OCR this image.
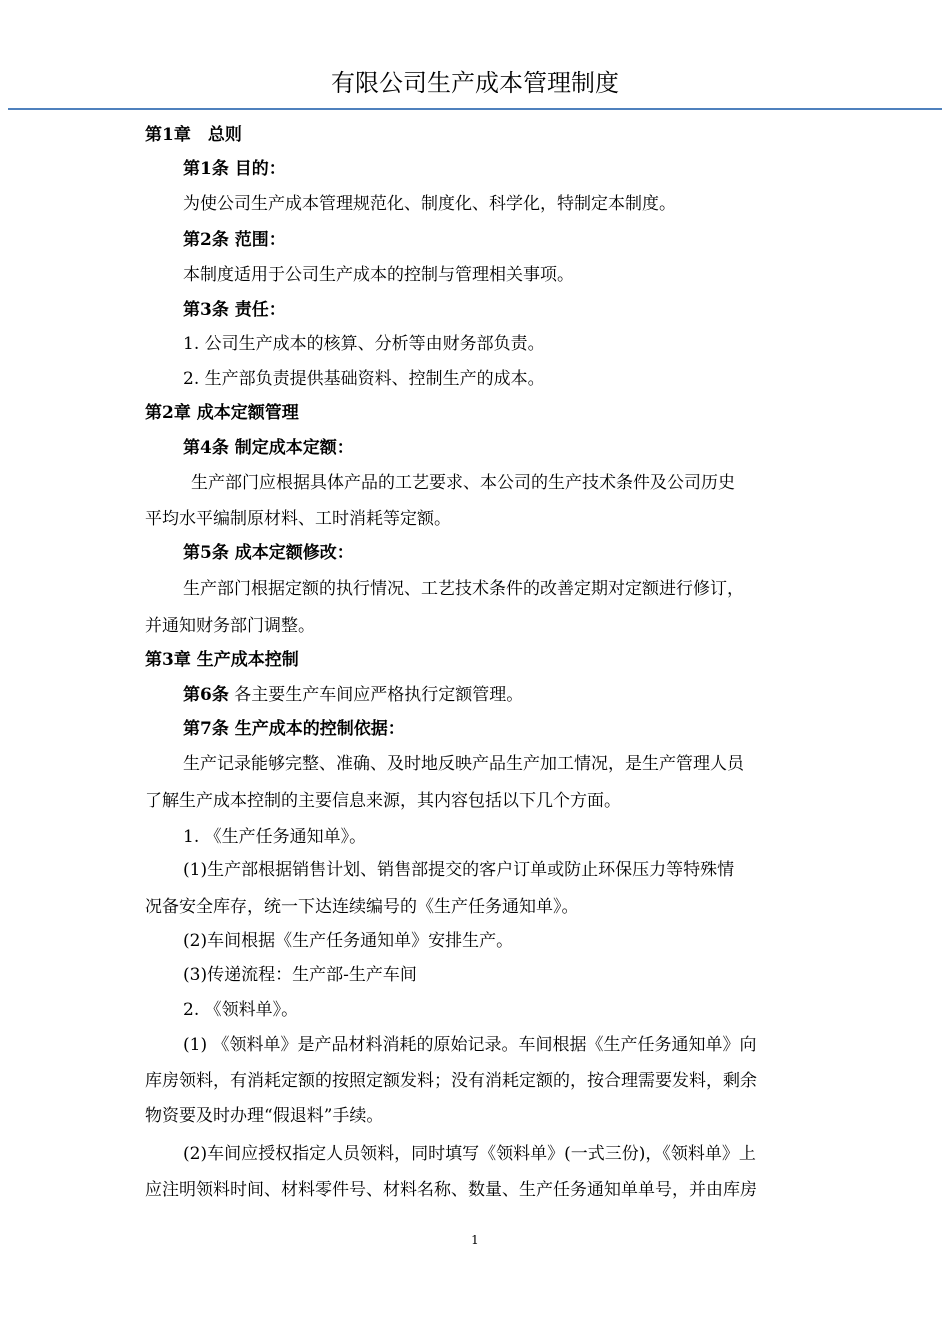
有限公司生产成本管理制度
第1章　总则
第1条 目的：
为使公司生产成本管理规范化、制度化、科学化，特制定本制度。
第2条 范围：
本制度适用于公司生产成本的控制与管理相关事项。
第3条 责任：
1. 公司生产成本的核算、分析等由财务部负责。
2. 生产部负责提供基础资料、控制生产的成本。
第2章 成本定额管理
第4条 制定成本定额：
生产部门应根据具体产品的工艺要求、本公司的生产技术条件及公司历史
平均水平编制原材料、工时消耗等定额。
第5条 成本定额修改：
生产部门根据定额的执行情况、工艺技术条件的改善定期对定额进行修订，
并通知财务部门调整。
第3章 生产成本控制
第6条 各主要生产车间应严格执行定额管理。
第7条 生产成本的控制依据：
生产记录能够完整、准确、及时地反映产品生产加工情况，是生产管理人员
了解生产成本控制的主要信息来源，其内容包括以下几个方面。
1. 《生产任务通知单》。
(1)生产部根据销售计划、销售部提交的客户订单或防止环保压力等特殊情
况备安全库存，统一下达连续编号的《生产任务通知单》。
(2)车间根据《生产任务通知单》安排生产。
(3)传递流程：生产部-生产车间
2. 《领料单》。
(1) 《领料单》是产品材料消耗的原始记录。车间根据《生产任务通知单》向
库房领料，有消耗定额的按照定额发料；没有消耗定额的，按合理需要发料，剩余
物资要及时办理“假退料”手续。
(2)车间应授权指定人员领料，同时填写《领料单》(一式三份)，《领料单》上
应注明领料时间、材料零件号、材料名称、数量、生产任务通知单单号，并由库房
1
